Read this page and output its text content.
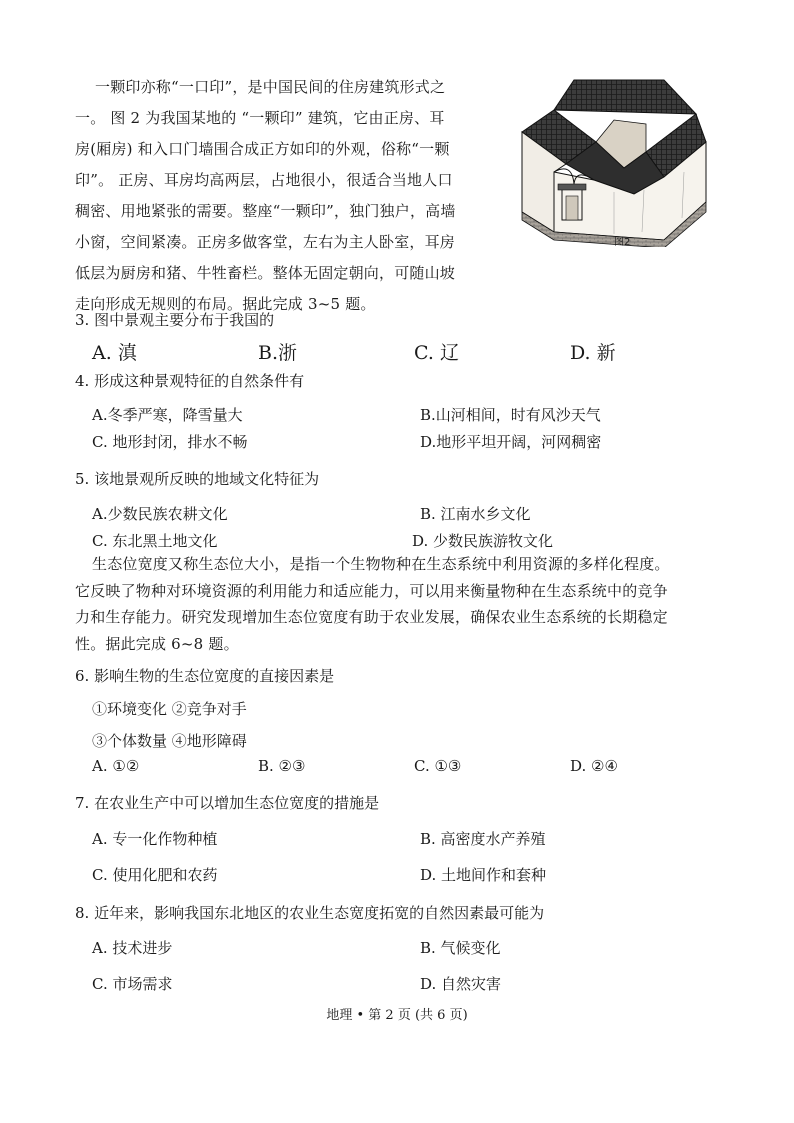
一颗印亦称“一口印”，是中国民间的住房建筑形式之
一。 图 2 为我国某地的 “一颗印” 建筑，它由正房、耳
房(厢房) 和入口门墙围合成正方如印的外观，俗称“一颗
印”。 正房、耳房均高两层，占地很小，很适合当地人口
稠密、用地紧张的需要。整座“一颗印”，独门独户，高墙
小窗，空间紧凑。正房多做客堂，左右为主人卧室，耳房
低层为厨房和猪、牛牲畜栏。整体无固定朝向，可随山坡
走向形成无规则的布局。据此完成 3~5 题。
图2
3. 图中景观主要分布于我国的
A. 滇	B.浙	C. 辽	D. 新
4. 形成这种景观特征的自然条件有
A.冬季严寒，降雪量大	B.山河相间，时有风沙天气
C. 地形封闭，排水不畅	D.地形平坦开阔，河网稠密
5. 该地景观所反映的地域文化特征为
A.少数民族农耕文化	B. 江南水乡文化
C. 东北黑土地文化	D. 少数民族游牧文化
生态位宽度又称生态位大小，是指一个生物物种在生态系统中利用资源的多样化程度。
它反映了物种对环境资源的利用能力和适应能力，可以用来衡量物种在生态系统中的竞争
力和生存能力。研究发现增加生态位宽度有助于农业发展，确保农业生态系统的长期稳定
性。据此完成 6~8 题。
6. 影响生物的生态位宽度的直接因素是
①环境变化 ②竞争对手
③个体数量 ④地形障碍
A. ①②	B. ②③	C. ①③	D. ②④
7. 在农业生产中可以增加生态位宽度的措施是
A. 专一化作物种植	B. 高密度水产养殖
C. 使用化肥和农药	D. 土地间作和套种
8. 近年来，影响我国东北地区的农业生态宽度拓宽的自然因素最可能为
A. 技术进步	B. 气候变化
C. 市场需求	D. 自然灾害
地理 • 第 2 页 (共 6 页)
